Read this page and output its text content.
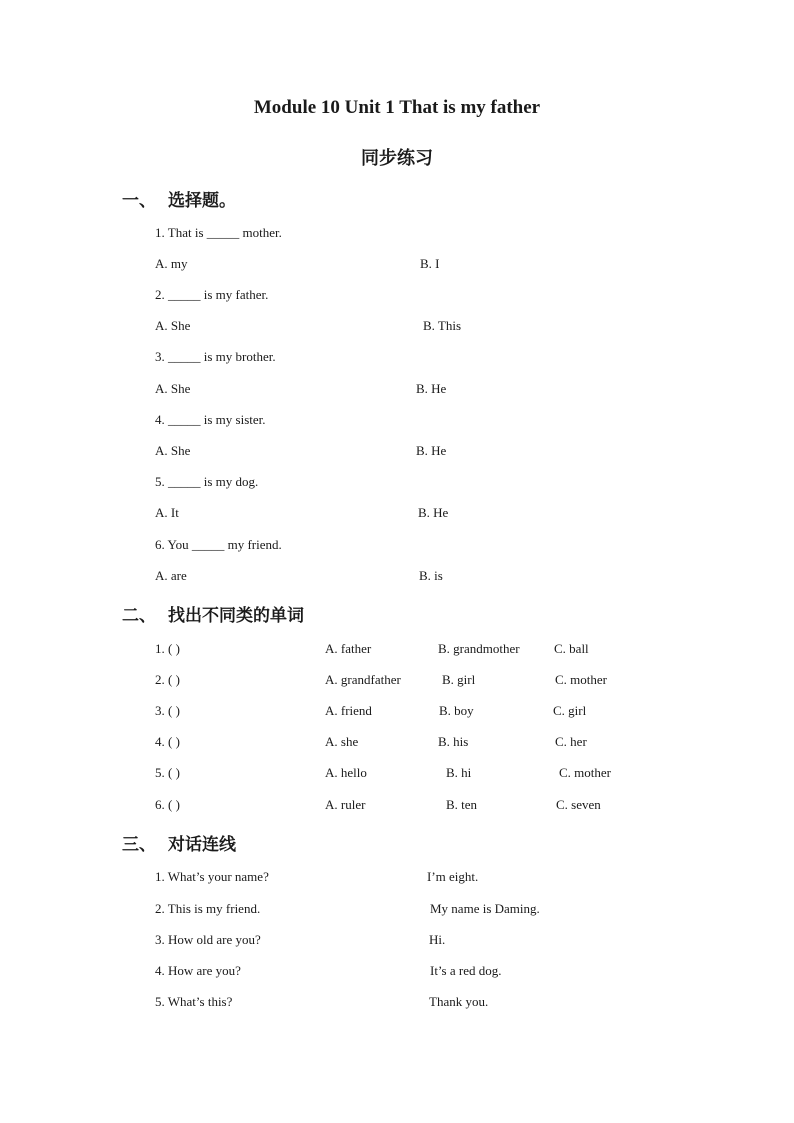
Module 10 Unit 1 That is my father
同步练习
一、 选择题。
1. That is _____ mother.
A. my	B. I
2. _____ is my father.
A. She	B. This
3. _____ is my brother.
A. She	B. He
4. _____ is my sister.
A. She	B. He
5. _____ is my dog.
A. It	B. He
6. You _____ my friend.
A. are	B. is
二、 找出不同类的单词
1. ( )	A. father	B. grandmother	C. ball
2. ( )	A. grandfather	B. girl	C. mother
3. ( )	A. friend	B. boy	C. girl
4. ( )	A. she	B. his	C. her
5. ( )	A. hello	B. hi	C. mother
6. ( )	A. ruler	B. ten	C. seven
三、 对话连线
1. What’s your name?	I’m eight.
2. This is my friend.	My name is Daming.
3. How old are you?	Hi.
4. How are you?	It’s a red dog.
5. What’s this?	Thank you.
